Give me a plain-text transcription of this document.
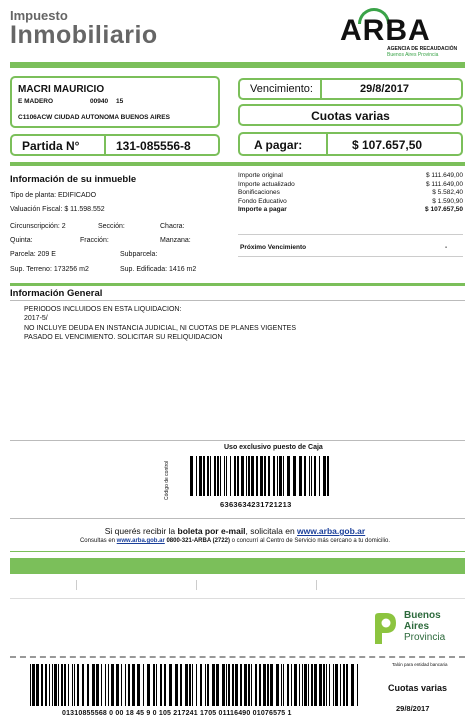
Impuesto
Inmobiliario	ARBA
AGENCIA DE RECAUDACIÓN
Buenos Aires Provincia
MACRI MAURICIO
E MADERO	00940 15
C1106ACW CIUDAD AUTONOMA BUENOS AIRES
Partida N°	131-085556-8
Vencimiento:	29/8/2017
Cuotas varias
A pagar:	$ 107.657,50
Información de su inmueble
Tipo de planta: EDIFICADO
Valuación Fiscal: $ 11.598.552
Circunscripción: 2	Sección:	Chacra:
Quinta:	Fracción:	Manzana:
Parcela: 209 E	Subparcela:
Sup. Terreno: 173256 m2	Sup. Edificada: 1416 m2
Importe original	$ 111.649,00
Importe actualizado	$ 111.649,00
Bonificaciones	$ 5.582,40
Fondo Educativo	$ 1.590,90
Importe a pagar	$ 107.657,50
Próximo Vencimiento	-
Información General
PERIODOS INCLUIDOS EN ESTA LIQUIDACION:
2017-5/
NO INCLUYE DEUDA EN INSTANCIA JUDICIAL, NI CUOTAS DE PLANES VIGENTES
PASADO EL VENCIMIENTO. SOLICITAR SU RELIQUIDACION
Uso exclusivo puesto de Caja
Código de control
6363634231721213
Si querés recibir la boleta por e-mail, solicitala en www.arba.gob.ar
Consultas en www.arba.gob.ar 0800-321-ARBA (2722) o concurrí al Centro de Servicio más cercano a tu domicilio.
Buenos
Aires
Provincia
01310855568 0 00 18 45 9 0 105 217241 1705 01116490 01076575 1
Talón para entidad bancaria
Cuotas varias
29/8/2017
